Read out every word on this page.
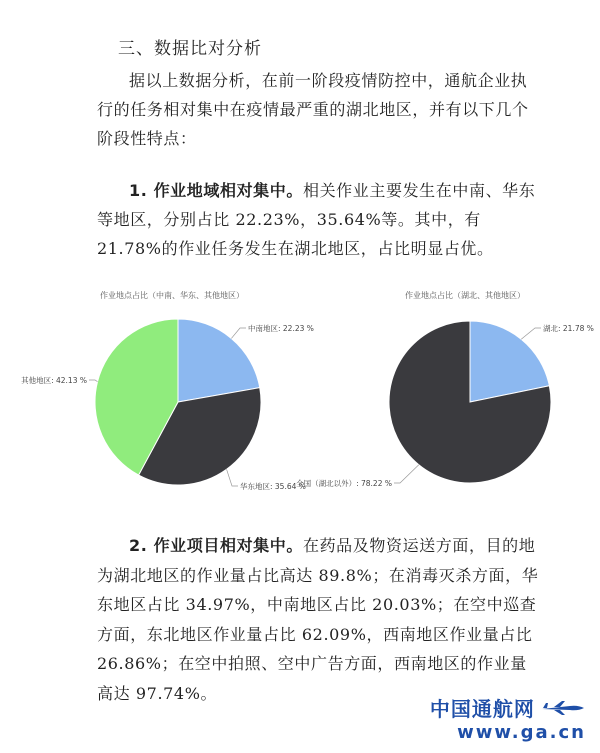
三、数据比对分析

据以上数据分析，在前一阶段疫情防控中，通航企业执行的任务相对集中在疫情最严重的湖北地区，并有以下几个阶段性特点：

1. 作业地域相对集中。相关作业主要发生在中南、华东等地区，分别占比 22.23%，35.64%等。其中，有 21.78%的作业任务发生在湖北地区，占比明显占优。

作业地点占比（中南、华东、其他地区）
中南地区: 22.23 %
华东地区: 35.64 %
其他地区: 42.13 %
作业地点占比（湖北、其他地区）
湖北: 21.78 %
全国（湖北以外）: 78.22 %

2. 作业项目相对集中。在药品及物资运送方面，目的地为湖北地区的作业量占比高达 89.8%；在消毒灭杀方面，华东地区占比 34.97%，中南地区占比 20.03%；在空中巡查方面，东北地区作业量占比 62.09%，西南地区作业量占比 26.86%；在空中拍照、空中广告方面，西南地区的作业量高达 97.74%。

中国通航网
www.ga.cn
